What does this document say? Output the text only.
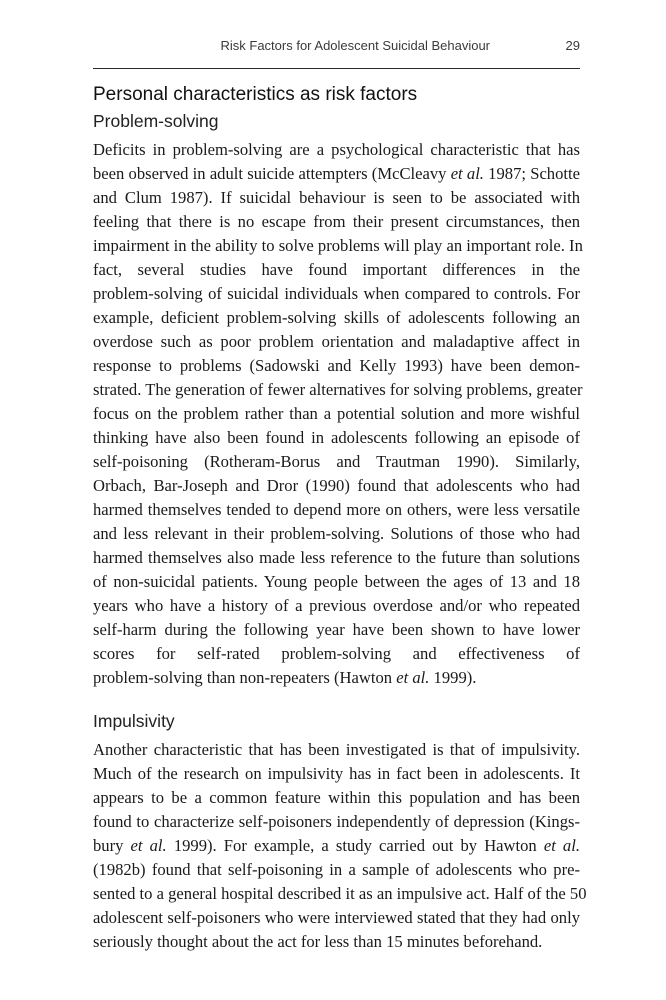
Risk Factors for Adolescent Suicidal Behaviour	29
Personal characteristics as risk factors
Problem-solving

Deficits in problem-solving are a psychological characteristic that has
been observed in adult suicide attempters (McCleavy et al. 1987; Schotte
and Clum 1987). If suicidal behaviour is seen to be associated with
feeling that there is no escape from their present circumstances, then
impairment in the ability to solve problems will play an important role. In
fact, several studies have found important differences in the
problem-solving of suicidal individuals when compared to controls. For
example, deficient problem-solving skills of adolescents following an
overdose such as poor problem orientation and maladaptive affect in
response to problems (Sadowski and Kelly 1993) have been demon-
strated. The generation of fewer alternatives for solving problems, greater
focus on the problem rather than a potential solution and more wishful
thinking have also been found in adolescents following an episode of
self-poisoning (Rotheram-Borus and Trautman 1990). Similarly,
Orbach, Bar-Joseph and Dror (1990) found that adolescents who had
harmed themselves tended to depend more on others, were less versatile
and less relevant in their problem-solving. Solutions of those who had
harmed themselves also made less reference to the future than solutions
of non-suicidal patients. Young people between the ages of 13 and 18
years who have a history of a previous overdose and/or who repeated
self-harm during the following year have been shown to have lower
scores for self-rated problem-solving and effectiveness of
problem-solving than non-repeaters (Hawton et al. 1999).

Impulsivity

Another characteristic that has been investigated is that of impulsivity.
Much of the research on impulsivity has in fact been in adolescents. It
appears to be a common feature within this population and has been
found to characterize self-poisoners independently of depression (Kings-
bury et al. 1999). For example, a study carried out by Hawton et al.
(1982b) found that self-poisoning in a sample of adolescents who pre-
sented to a general hospital described it as an impulsive act. Half of the 50
adolescent self-poisoners who were interviewed stated that they had only
seriously thought about the act for less than 15 minutes beforehand.
